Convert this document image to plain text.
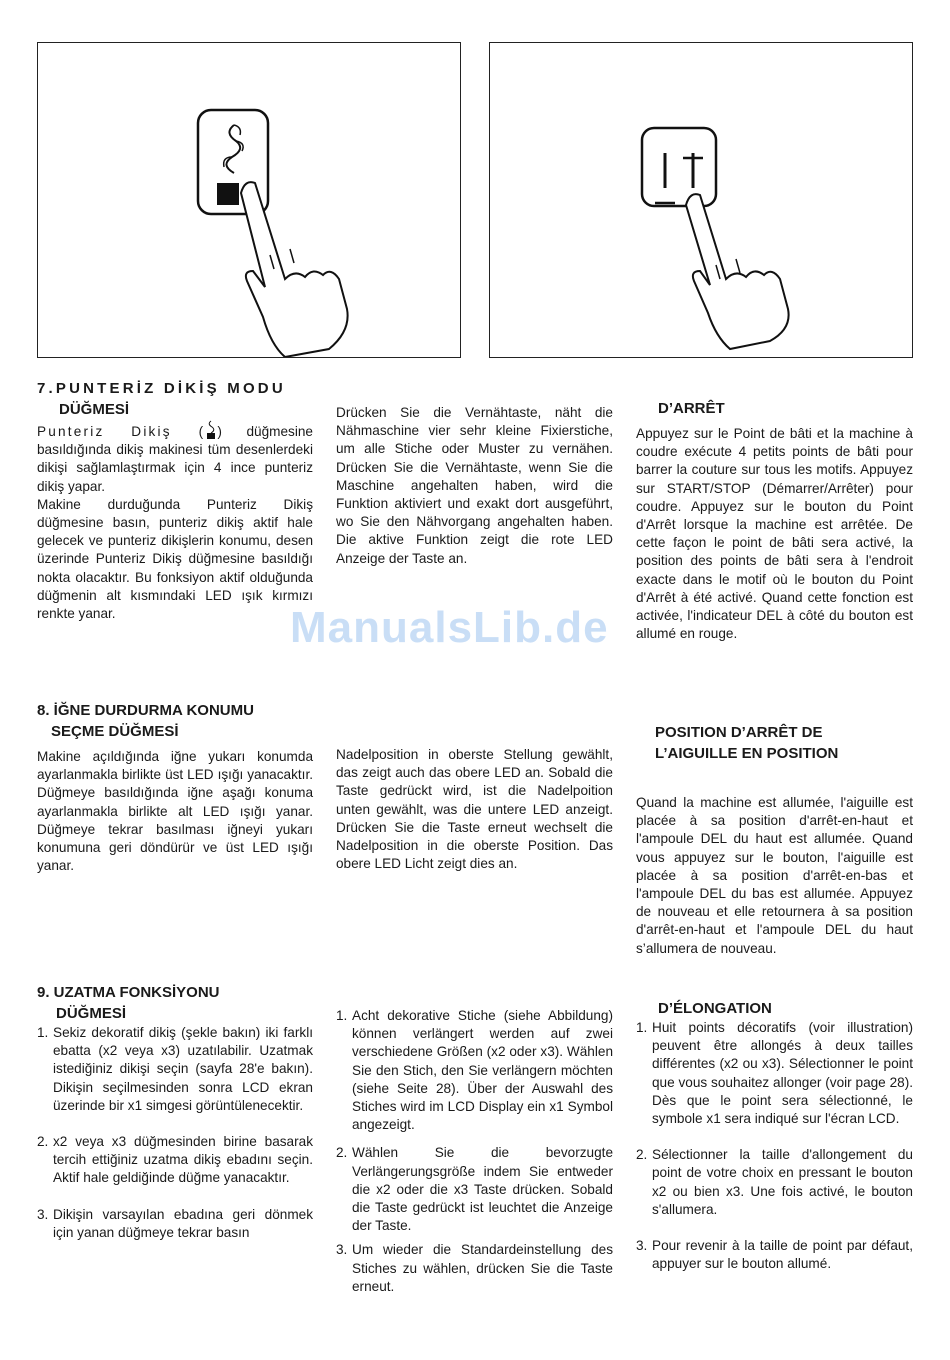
7.PUNTERİZ DİKİŞ MODU
DÜĞMESİ

Punteriz Dikiş ( ) düğmesine basıldığında dikiş makinesi tüm desenlerdeki dikişi sağlamlaştırmak için 4 ince punteriz dikiş yapar.

Makine durduğunda Punteriz Dikiş düğmesine basın, punteriz dikiş aktif hale gelecek ve punteriz dikişlerin konumu, desen üzerinde Punteriz Dikiş düğmesine basıldığı nokta olacaktır. Bu fonksiyon aktif olduğunda düğmenin alt kısmındaki LED ışık kırmızı renkte yanar.

Drücken Sie die Vernähtaste, näht die Nähmaschine vier sehr kleine Fixierstiche, um alle Stiche oder Muster zu vernähen. Drücken Sie die Vernähtaste, wenn Sie die Maschine angehalten haben, wird die Funktion aktiviert und exakt dort ausgeführt, wo Sie den Nähvorgang angehalten haben. Die aktive Funktion zeigt die rote LED Anzeige der Taste an.

D’ARRÊT

Appuyez sur le Point de bâti et la machine à coudre exécute 4 petits points de bâti pour barrer la couture sur tous les motifs. Appuyez sur START/STOP (Démarrer/Arrêter) pour coudre. Appuyez sur le bouton du Point d'Arrêt lorsque la machine est arrêtée. De cette façon le point de bâti sera activé, la position des points de bâti sera à l'endroit exacte dans le motif où le bouton du Point d'Arrêt à été activé. Quand cette fonction est activée, l'indicateur DEL à côté du bouton est allumé en rouge.

8. İĞNE DURDURMA KONUMU
SEÇME DÜĞMESİ

Makine açıldığında iğne yukarı konumda ayarlanmakla birlikte üst LED ışığı yanacaktır. Düğmeye basıldığında iğne aşağı konuma ayarlanmakla birlikte alt LED ışığı yanar. Düğmeye tekrar basılması iğneyi yukarı konumuna geri döndürür ve üst LED ışığı yanar.

Nadelposition in oberste Stellung gewählt, das zeigt auch das obere LED an. Sobald die Taste gedrückt wird, ist die Nadelpoition unten gewählt, was die untere LED anzeigt. Drücken Sie die Taste erneut wechselt die Nadelposition in die oberste Position. Das obere LED Licht zeigt dies an.

POSITION D’ARRÊT DE
L’AIGUILLE EN POSITION

Quand la machine est allumée, l'aiguille est placée à sa position d'arrêt-en-haut et l'ampoule DEL du haut est allumée. Quand vous appuyez sur le bouton, l'aiguille est placée à sa position d'arrêt-en-bas et l'ampoule DEL du bas est allumée. Appuyez de nouveau et elle retournera à sa position d'arrêt-en-haut et l'ampoule DEL du haut s’allumera de nouveau.

9. UZATMA FONKSİYONU
DÜĞMESİ
1. Sekiz dekoratif dikiş (şekle bakın) iki farklı ebatta (x2 veya x3) uzatılabilir. Uzatmak istediğiniz dikişi seçin (sayfa 28'e bakın). Dikişin seçilmesinden sonra LCD ekran üzerinde bir x1 simgesi görüntülenecektir.
2. x2 veya x3 düğmesinden birine basarak tercih ettiğiniz uzatma dikiş ebadını seçin. Aktif hale geldiğinde düğme yanacaktır.
3. Dikişin varsayılan ebadına geri dönmek için yanan düğmeye tekrar basın
1. Acht dekorative Stiche (siehe Abbildung) können verlängert werden auf zwei verschiedene Größen (x2 oder x3). Wählen Sie den Stich, den Sie verlängern möchten (siehe Seite 28). Über der Auswahl des Stiches wird im LCD Display ein x1 Symbol angezeigt.
2. Wählen Sie die bevorzugte Verlängerungsgröße indem Sie entweder die x2 oder die x3 Taste drücken. Sobald die Taste gedrückt ist leuchtet die Anzeige der Taste.
3. Um wieder die Standardeinstellung des Stiches zu wählen, drücken Sie die Taste erneut.
D’ÉLONGATION
1. Huit points décoratifs (voir illustration) peuvent être allongés à deux tailles différentes (x2 ou x3). Sélectionner le point que vous souhaitez allonger (voir page 28). Dès que le point sera sélectionné, le symbole x1 sera indiqué sur l'écran LCD.
2. Sélectionner la taille d'allongement du point de votre choix en pressant le bouton x2 ou bien x3. Une fois activé, le bouton s'allumera.
3. Pour revenir à la taille de point par défaut, appuyer sur le bouton allumé.
ManualsLib.de
